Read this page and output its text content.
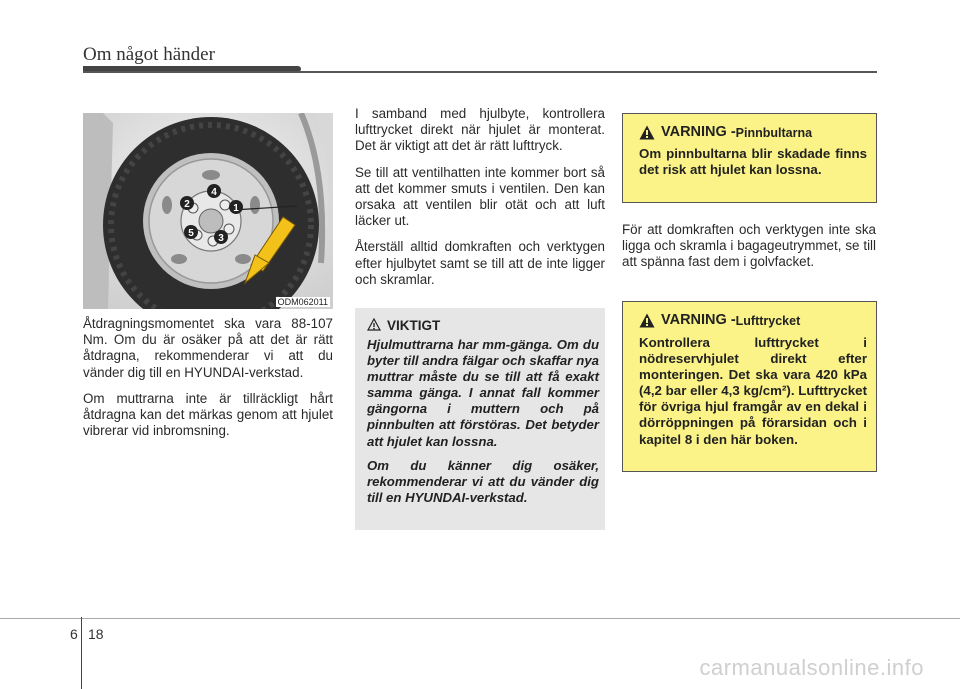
Om något händer
1
2
3
4
5
ODM062011

Åtdragningsmomentet ska vara 88-107 Nm. Om du är osäker på att det är rätt åtdragna, rekommenderar vi att du vänder dig till en HYUNDAI-verkstad.

Om muttrarna inte är tillräckligt hårt åtdragna kan det märkas genom att hjulet vibrerar vid inbromsning.

I samband med hjulbyte, kontrollera lufttrycket direkt när hjulet är monterat. Det är viktigt att det är rätt lufttryck.

Se till att ventilhatten inte kommer bort så att det kommer smuts i ventilen. Den kan orsaka att ventilen blir otät och att luft läcker ut.

Återställ alltid domkraften och verktygen efter hjulbytet samt se till att de inte ligger och skramlar.

VIKTIGT

Hjulmuttrarna har mm-gänga. Om du byter till andra fälgar och skaffar nya muttrar måste du se till att få exakt samma gänga. I annat fall kommer gängorna i muttern och på pinnbulten att förstöras. Det betyder att hjulet kan lossna.

Om du känner dig osäker, rekommenderar vi att du vänder dig till en HYUNDAI-verkstad.

VARNING - Pinnbultarna
Om pinnbultarna blir skadade finns det risk att hjulet kan lossna.

För att domkraften och verktygen inte ska ligga och skramla i bagageutrymmet, se till att spänna fast dem i golvfacket.

VARNING - Lufttrycket
Kontrollera lufttrycket i nödreservhjulet direkt efter monteringen. Det ska vara 420 kPa (4,2 bar eller 4,3 kg/cm²). Lufttrycket för övriga hjul framgår av en dekal i dörröppningen på förarsidan och i kapitel 8 i den här boken.
6 18
carmanualsonline.info
